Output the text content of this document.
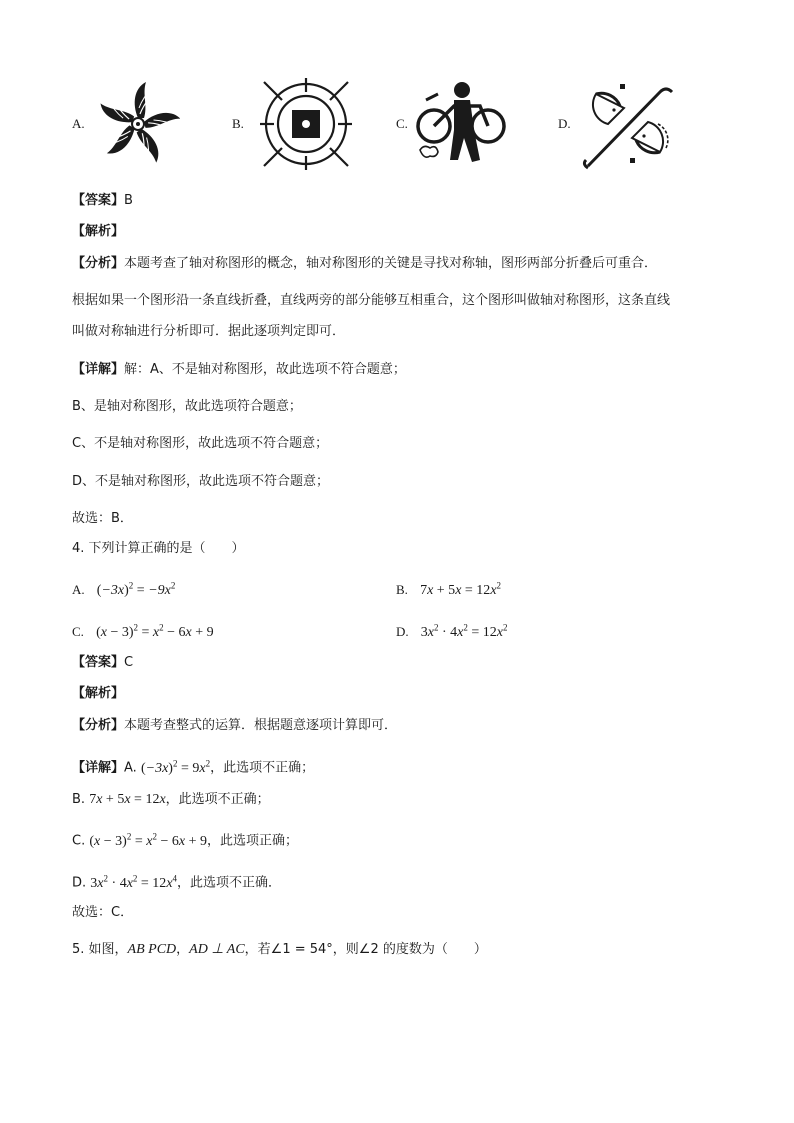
A.	B.	C.	D.
【答案】B
【解析】
【分析】本题考查了轴对称图形的概念，轴对称图形的关键是寻找对称轴，图形两部分折叠后可重合．
根据如果一个图形沿一条直线折叠，直线两旁的部分能够互相重合，这个图形叫做轴对称图形，这条直线
叫做对称轴进行分析即可．据此逐项判定即可．
【详解】解：A、不是轴对称图形，故此选项不符合题意；
B、是轴对称图形，故此选项符合题意；
C、不是轴对称图形，故此选项不符合题意；
D、不是轴对称图形，故此选项不符合题意；
故选：B．
4. 下列计算正确的是（　　）
A. $(-3x)^2 = -9x^2$	B. $7x + 5x = 12x^2$
C. $(x - 3)^2 = x^2 - 6x + 9$	D. $3x^2 \cdot 4x^2 = 12x^2$
【答案】C
【解析】
【分析】本题考查整式的运算．根据题意逐项计算即可．
【详解】A. $(-3x)^2 = 9x^2$，此选项不正确；
B. 7x + 5x = 12x，此选项不正确；
C. $(x - 3)^2 = x^2 - 6x + 9$，此选项正确；
D. $3x^2 \cdot 4x^2 = 12x^4$，此选项不正确．
故选：C．
5. 如图，AB PCD，AD ⊥ AC，若∠1 = 54°，则∠2 的度数为（　　）
